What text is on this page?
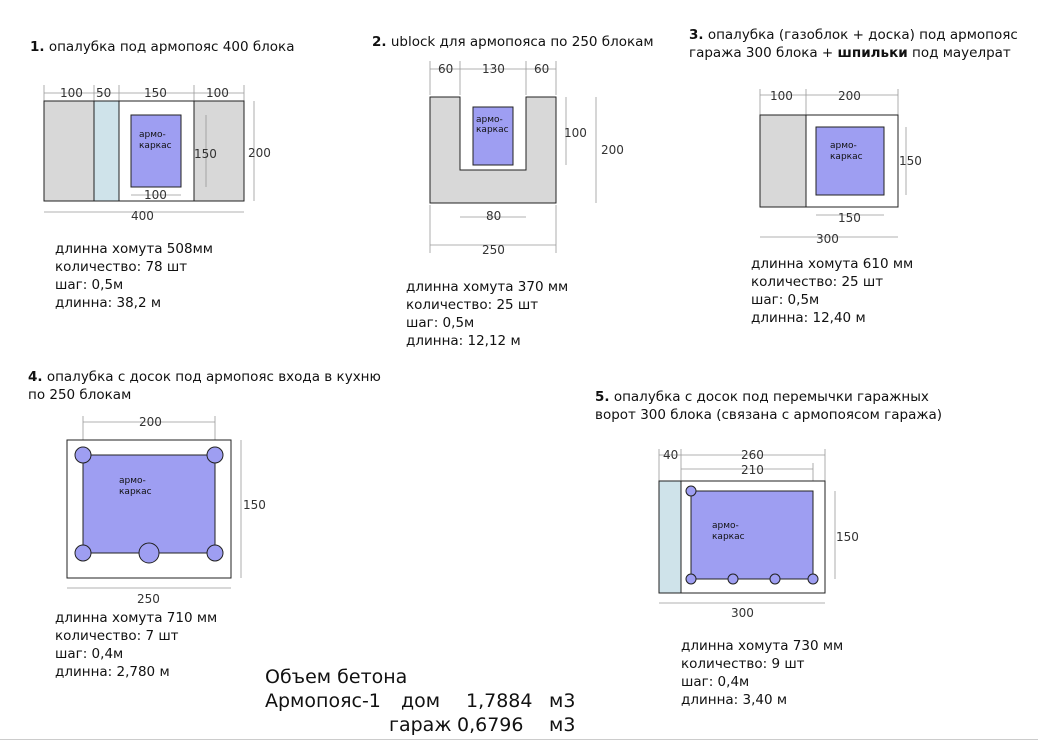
1. опалубка под армопояс 400 блока
100 50	150	100
150	200
100
400
армо-
каркас
длинна хомута 508мм
количество: 78 шт
шаг: 0,5м
длинна: 38,2 м
2. ublock для армопояса по 250 блокам
60 130 60
100
200
80
250
армо-
каркас
длинна хомута 370 мм
количество: 25 шт
шаг: 0,5м
длинна: 12,12 м
3. опалубка (газоблок + доска) под армопояс
гаража 300 блока + шпильки под мауелрат
100	200
150
150
300
армо-
каркас
длинна хомута 610 мм
количество: 25 шт
шаг: 0,5м
длинна: 12,40 м
4. опалубка с досок под армопояс входа в кухню
по 250 блокам
200
150
250
армо-
каркас
длинна хомута 710 мм
количество: 7 шт
шаг: 0,4м
длинна: 2,780 м
5. опалубка с досок под перемычки гаражных
ворот 300 блока (связана с армопоясом гаража)
40	260
210
150
300
армо-
каркас
длинна хомута 730 мм
количество: 9 шт
шаг: 0,4м
длинна: 3,40 м
Объем бетона
Армопояс-1 дом 1,7884 м3
гараж 0,6796 м3
